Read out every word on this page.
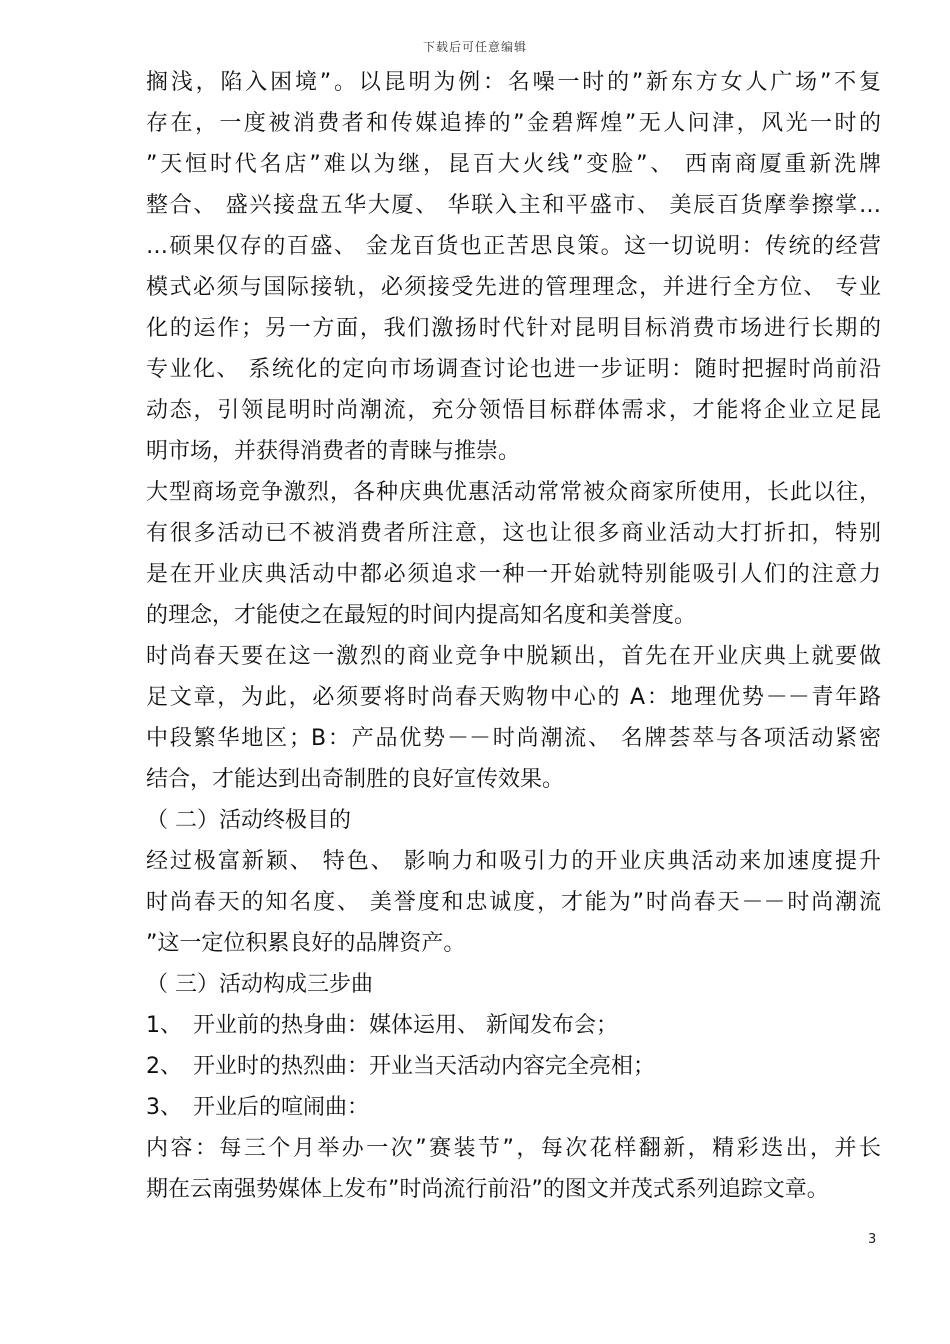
下载后可任意编辑
搁浅，陷入困境”。以昆明为例：名噪一时的”新东方女人广场”不复
存在，一度被消费者和传媒追捧的”金碧辉煌”无人问津，风光一时的
”天恒时代名店”难以为继，昆百大火线”变脸”、 西南商厦重新洗牌
整合、 盛兴接盘五华大厦、 华联入主和平盛市、 美辰百货摩拳擦掌…
…硕果仅存的百盛、 金龙百货也正苦思良策。这一切说明：传统的经营
模式必须与国际接轨，必须接受先进的管理理念，并进行全方位、 专业
化的运作；另一方面，我们激扬时代针对昆明目标消费市场进行长期的
专业化、 系统化的定向市场调查讨论也进一步证明：随时把握时尚前沿
动态，引领昆明时尚潮流，充分领悟目标群体需求，才能将企业立足昆
明市场，并获得消费者的青睐与推崇。
大型商场竞争激烈，各种庆典优惠活动常常被众商家所使用，长此以往，
有很多活动已不被消费者所注意，这也让很多商业活动大打折扣，特别
是在开业庆典活动中都必须追求一种一开始就特别能吸引人们的注意力
的理念，才能使之在最短的时间内提高知名度和美誉度。
时尚春天要在这一激烈的商业竞争中脱颖出，首先在开业庆典上就要做
足文章，为此，必须要将时尚春天购物中心的 A：地理优势－－青年路
中段繁华地区；B：产品优势－－时尚潮流、 名牌荟萃与各项活动紧密
结合，才能达到出奇制胜的良好宣传效果。
（ 二）活动终极目的
经过极富新颖、 特色、 影响力和吸引力的开业庆典活动来加速度提升
时尚春天的知名度、 美誉度和忠诚度，才能为”时尚春天－－时尚潮流
”这一定位积累良好的品牌资产。
（ 三）活动构成三步曲
1、　开业前的热身曲：媒体运用、 新闻发布会；
2、　开业时的热烈曲：开业当天活动内容完全亮相；
3、　开业后的喧闹曲：
内容：每三个月举办一次”赛装节”，每次花样翻新，精彩迭出，并长
期在云南强势媒体上发布”时尚流行前沿”的图文并茂式系列追踪文章。
3
